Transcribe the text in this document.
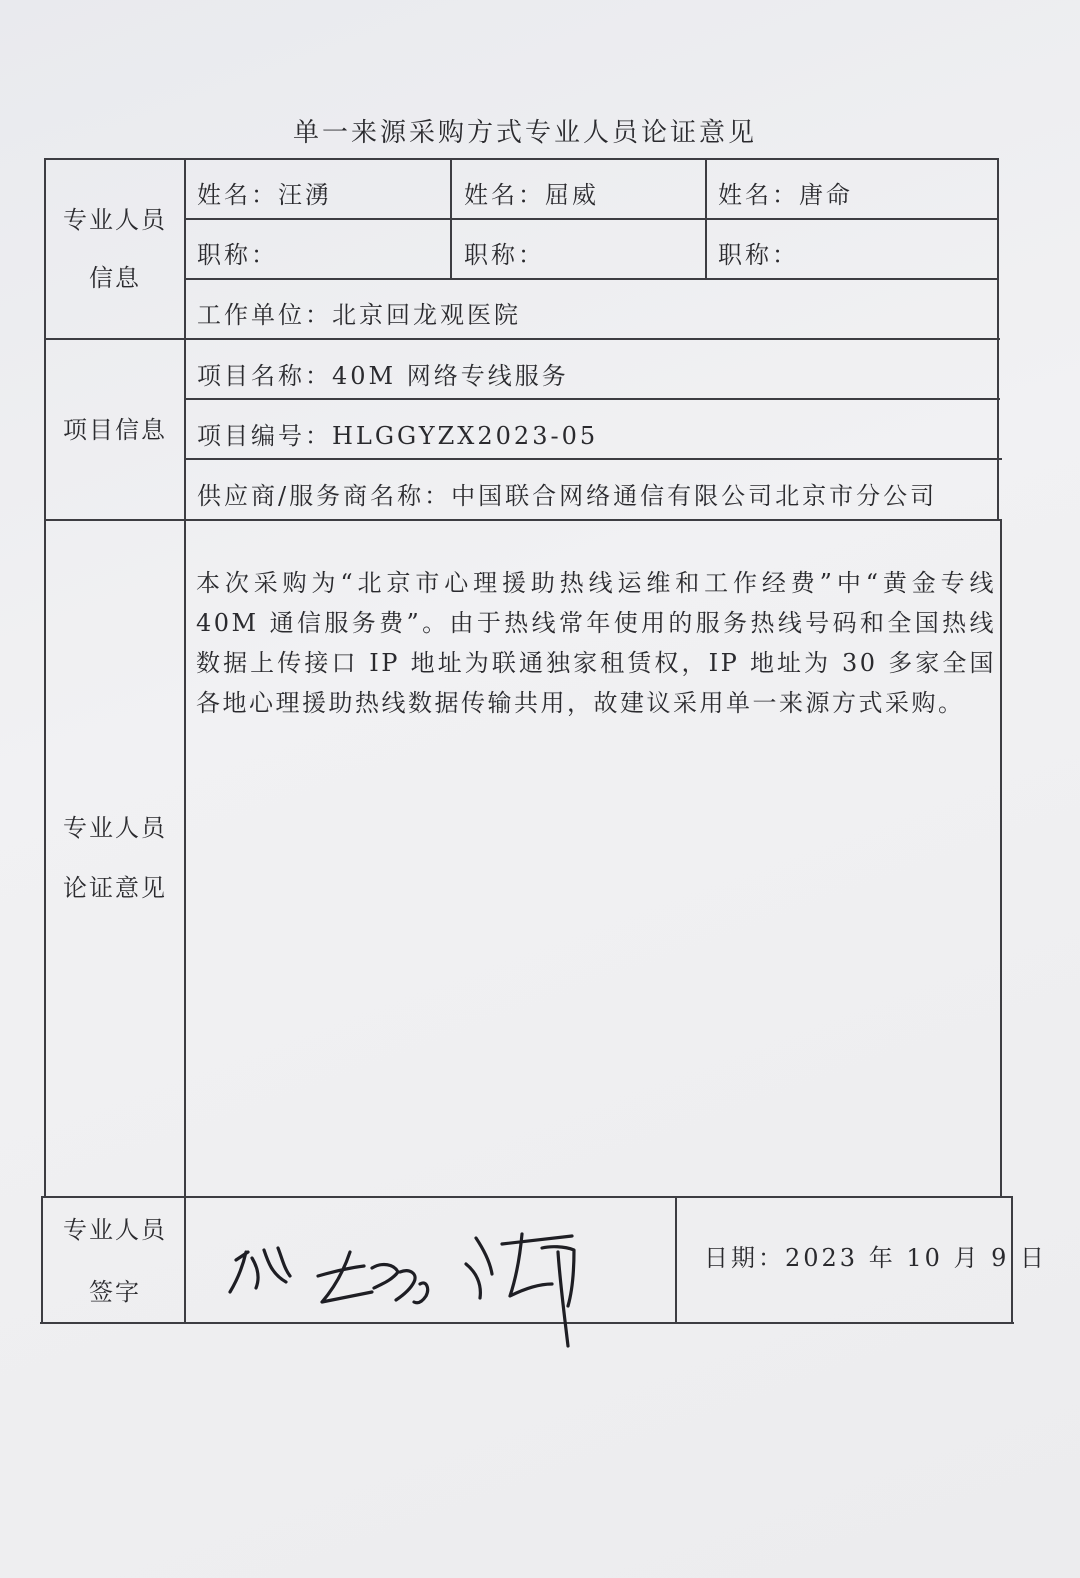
单一来源采购方式专业人员论证意见
专业人员
信息
姓名：汪湧	姓名：屈威	姓名：唐命
职称：	职称：	职称：
工作单位：北京回龙观医院
项目信息
项目名称：40M 网络专线服务
项目编号：HLGGYZX2023-05
供应商/服务商名称：中国联合网络通信有限公司北京市分公司
专业人员
论证意见
本次采购为“北京市心理援助热线运维和工作经费”中“黄金专线 40M 通信服务费”。由于热线常年使用的服务热线号码和全国热线数据上传接口 IP 地址为联通独家租赁权，IP 地址为 30 多家全国各地心理援助热线数据传输共用，故建议采用单一来源方式采购。
专业人员
签字
日期：2023 年 10 月 9 日
